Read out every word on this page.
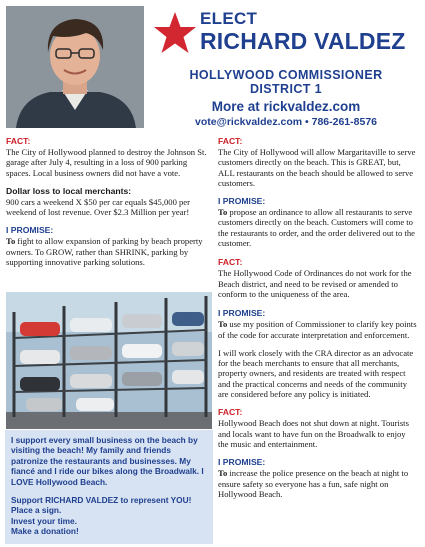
ELECT
RICHARD VALDEZ
HOLLYWOOD COMMISSIONER
DISTRICT 1
More at rickvaldez.com
vote@rickvaldez.com • 786-261-8576
FACT:

The City of Hollywood planned to destroy the Johnson St. garage after July 4, resulting in a loss of 900 parking spaces. Local business owners did not have a vote.

Dollar loss to local merchants:

900 cars a weekend X $50 per car equals $45,000 per weekend of lost revenue. Over $2.3 Million per year!

I PROMISE:

To fight to allow expansion of parking by beach property owners. To GROW, rather than SHRINK, parking by supporting innovative parking solutions.

I support every small business on the beach by visiting the beach! My family and friends patronize the restaurants and businesses. My fiancé and I ride our bikes along the Broadwalk. I LOVE Hollywood Beach.

Support RICHARD VALDEZ to represent YOU!
Place a sign.
Invest your time.
Make a donation!
FACT:

The City of Hollywood will allow Margaritaville to serve customers directly on the beach. This is GREAT, but, ALL restaurants on the beach should be allowed to serve customers.

I PROMISE:

To propose an ordinance to allow all restaurants to serve customers directly on the beach. Customers will come to the restaurants to order, and the order delivered out to the customer.

FACT:

The Hollywood Code of Ordinances do not work for the Beach district, and need to be revised or amended to conform to the uniqueness of the area.

I PROMISE:

To use my position of Commissioner to clarify key points of the code for accurate interpretation and enforcement.

I will work closely with the CRA director as an advocate for the beach merchants to ensure that all merchants, property owners, and residents are treated with respect and the practical concerns and needs of the community are considered before any policy is initiated.

FACT:

Hollywood Beach does not shut down at night. Tourists and locals want to have fun on the Broadwalk to enjoy the music and entertainment.

I PROMISE:

To increase the police presence on the beach at night to ensure safety so everyone has a fun, safe night on Hollywood Beach.
